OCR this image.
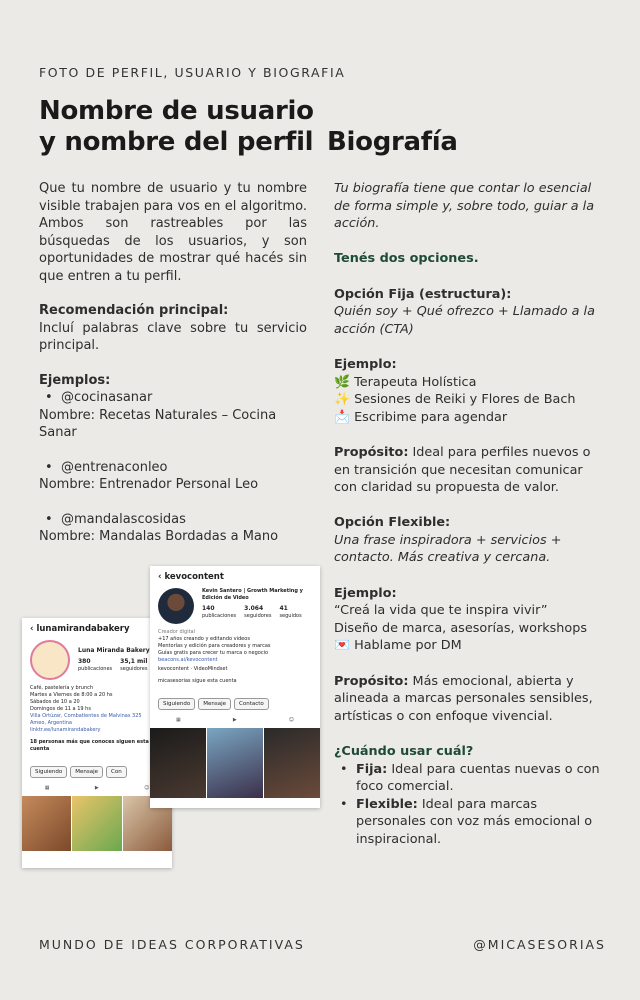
FOTO DE PERFIL, USUARIO Y BIOGRAFIA
Nombre de usuario
y nombre del perfil Biografía

Que tu nombre de usuario y tu nombre visible trabajen para vos en el algoritmo. Ambos son rastreables por las búsquedas de los usuarios, y son oportunidades de mostrar qué hacés sin que entren a tu perfil.

Recomendación principal:

Incluí palabras clave sobre tu servicio principal.

Ejemplos:

• @cocinasanar
Nombre: Recetas Naturales – Cocina Sanar
• @entrenaconleo
Nombre: Entrenador Personal Leo
• @mandalascosidas
Nombre: Mandalas Bordadas a Mano

Tu biografía tiene que contar lo esencial de forma simple y, sobre todo, guiar a la acción.

Tenés dos opciones.

Opción Fija (estructura):

Quién soy + Qué ofrezco + Llamado a la acción (CTA)

Ejemplo:

🌿 Terapeuta Holística
✨ Sesiones de Reiki y Flores de Bach
📩 Escribime para agendar

Propósito: Ideal para perfiles nuevos o en transición que necesitan comunicar con claridad su propuesta de valor.

Opción Flexible:

Una frase inspiradora + servicios + contacto. Más creativa y cercana.

Ejemplo:

“Creá la vida que te inspira vivir”
Diseño de marca, asesorías, workshops
💌 Hablame por DM

Propósito: Más emocional, abierta y alineada a marcas personales sensibles, artísticas o con enfoque vivencial.

¿Cuándo usar cuál?

• Fija: Ideal para cuentas nuevas o con foco comercial.
• Flexible: Ideal para marcas personales con voz más emocional o inspiracional.
‹ lunamirandabakery
Luna Miranda Bakery
380
publicaciones
35,1 mil
seguidores
Café, pastelería y brunch
Martes a Viernes de 8:00 a 20 hs
Sábados de 10 a 20
Domingos de 11 a 19 hs
Villa Ortúzar, Combatientes de Malvinas 325
Ameo, Argentina
linktr.ee/lunamirandabakery
18 personas más que conoces siguen esta cuenta
Siguiendo Mensaje Con
▦	▶	☺
‹ kevocontent
Kevin Santero | Growth Marketing y Edición de Video
140
publicaciones
3.064
seguidores
41
seguidos
Creador digital
+17 años creando y editando videos
Mentorías y edición para creadores y marcas
Guías gratis para crecer tu marca o negocio
beacons.ai/kevocontent
kevocontent · VideoMindset
micasesorias sigue esta cuenta
Siguiendo Mensaje Contacto
▦	▶	☺
MUNDO DE IDEAS CORPORATIVAS	@MICASESORIAS
